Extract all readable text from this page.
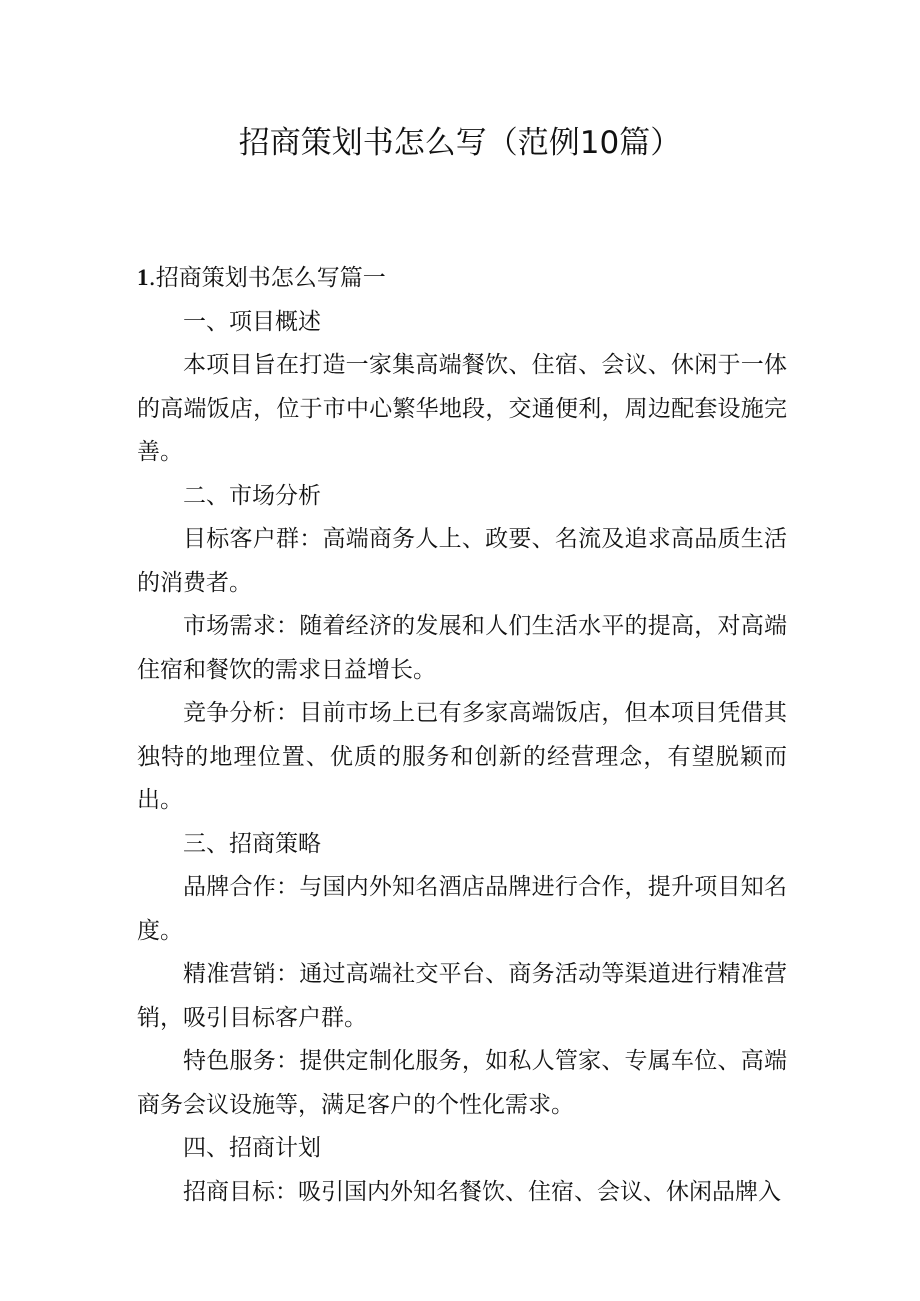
招商策划书怎么写（范例10篇）

1.招商策划书怎么写篇一

一、项目概述

本项目旨在打造一家集高端餐饮、住宿、会议、休闲于一体的高端饭店，位于市中心繁华地段，交通便利，周边配套设施完善。

二、市场分析

目标客户群：高端商务人上、政要、名流及追求高品质生活的消费者。

市场需求：随着经济的发展和人们生活水平的提高，对高端住宿和餐饮的需求日益增长。

竞争分析：目前市场上已有多家高端饭店，但本项目凭借其独特的地理位置、优质的服务和创新的经营理念，有望脱颖而出。

三、招商策略

品牌合作：与国内外知名酒店品牌进行合作，提升项目知名度。

精准营销：通过高端社交平台、商务活动等渠道进行精准营销，吸引目标客户群。

特色服务：提供定制化服务，如私人管家、专属车位、高端商务会议设施等，满足客户的个性化需求。

四、招商计划

招商目标：吸引国内外知名餐饮、住宿、会议、休闲品牌入
